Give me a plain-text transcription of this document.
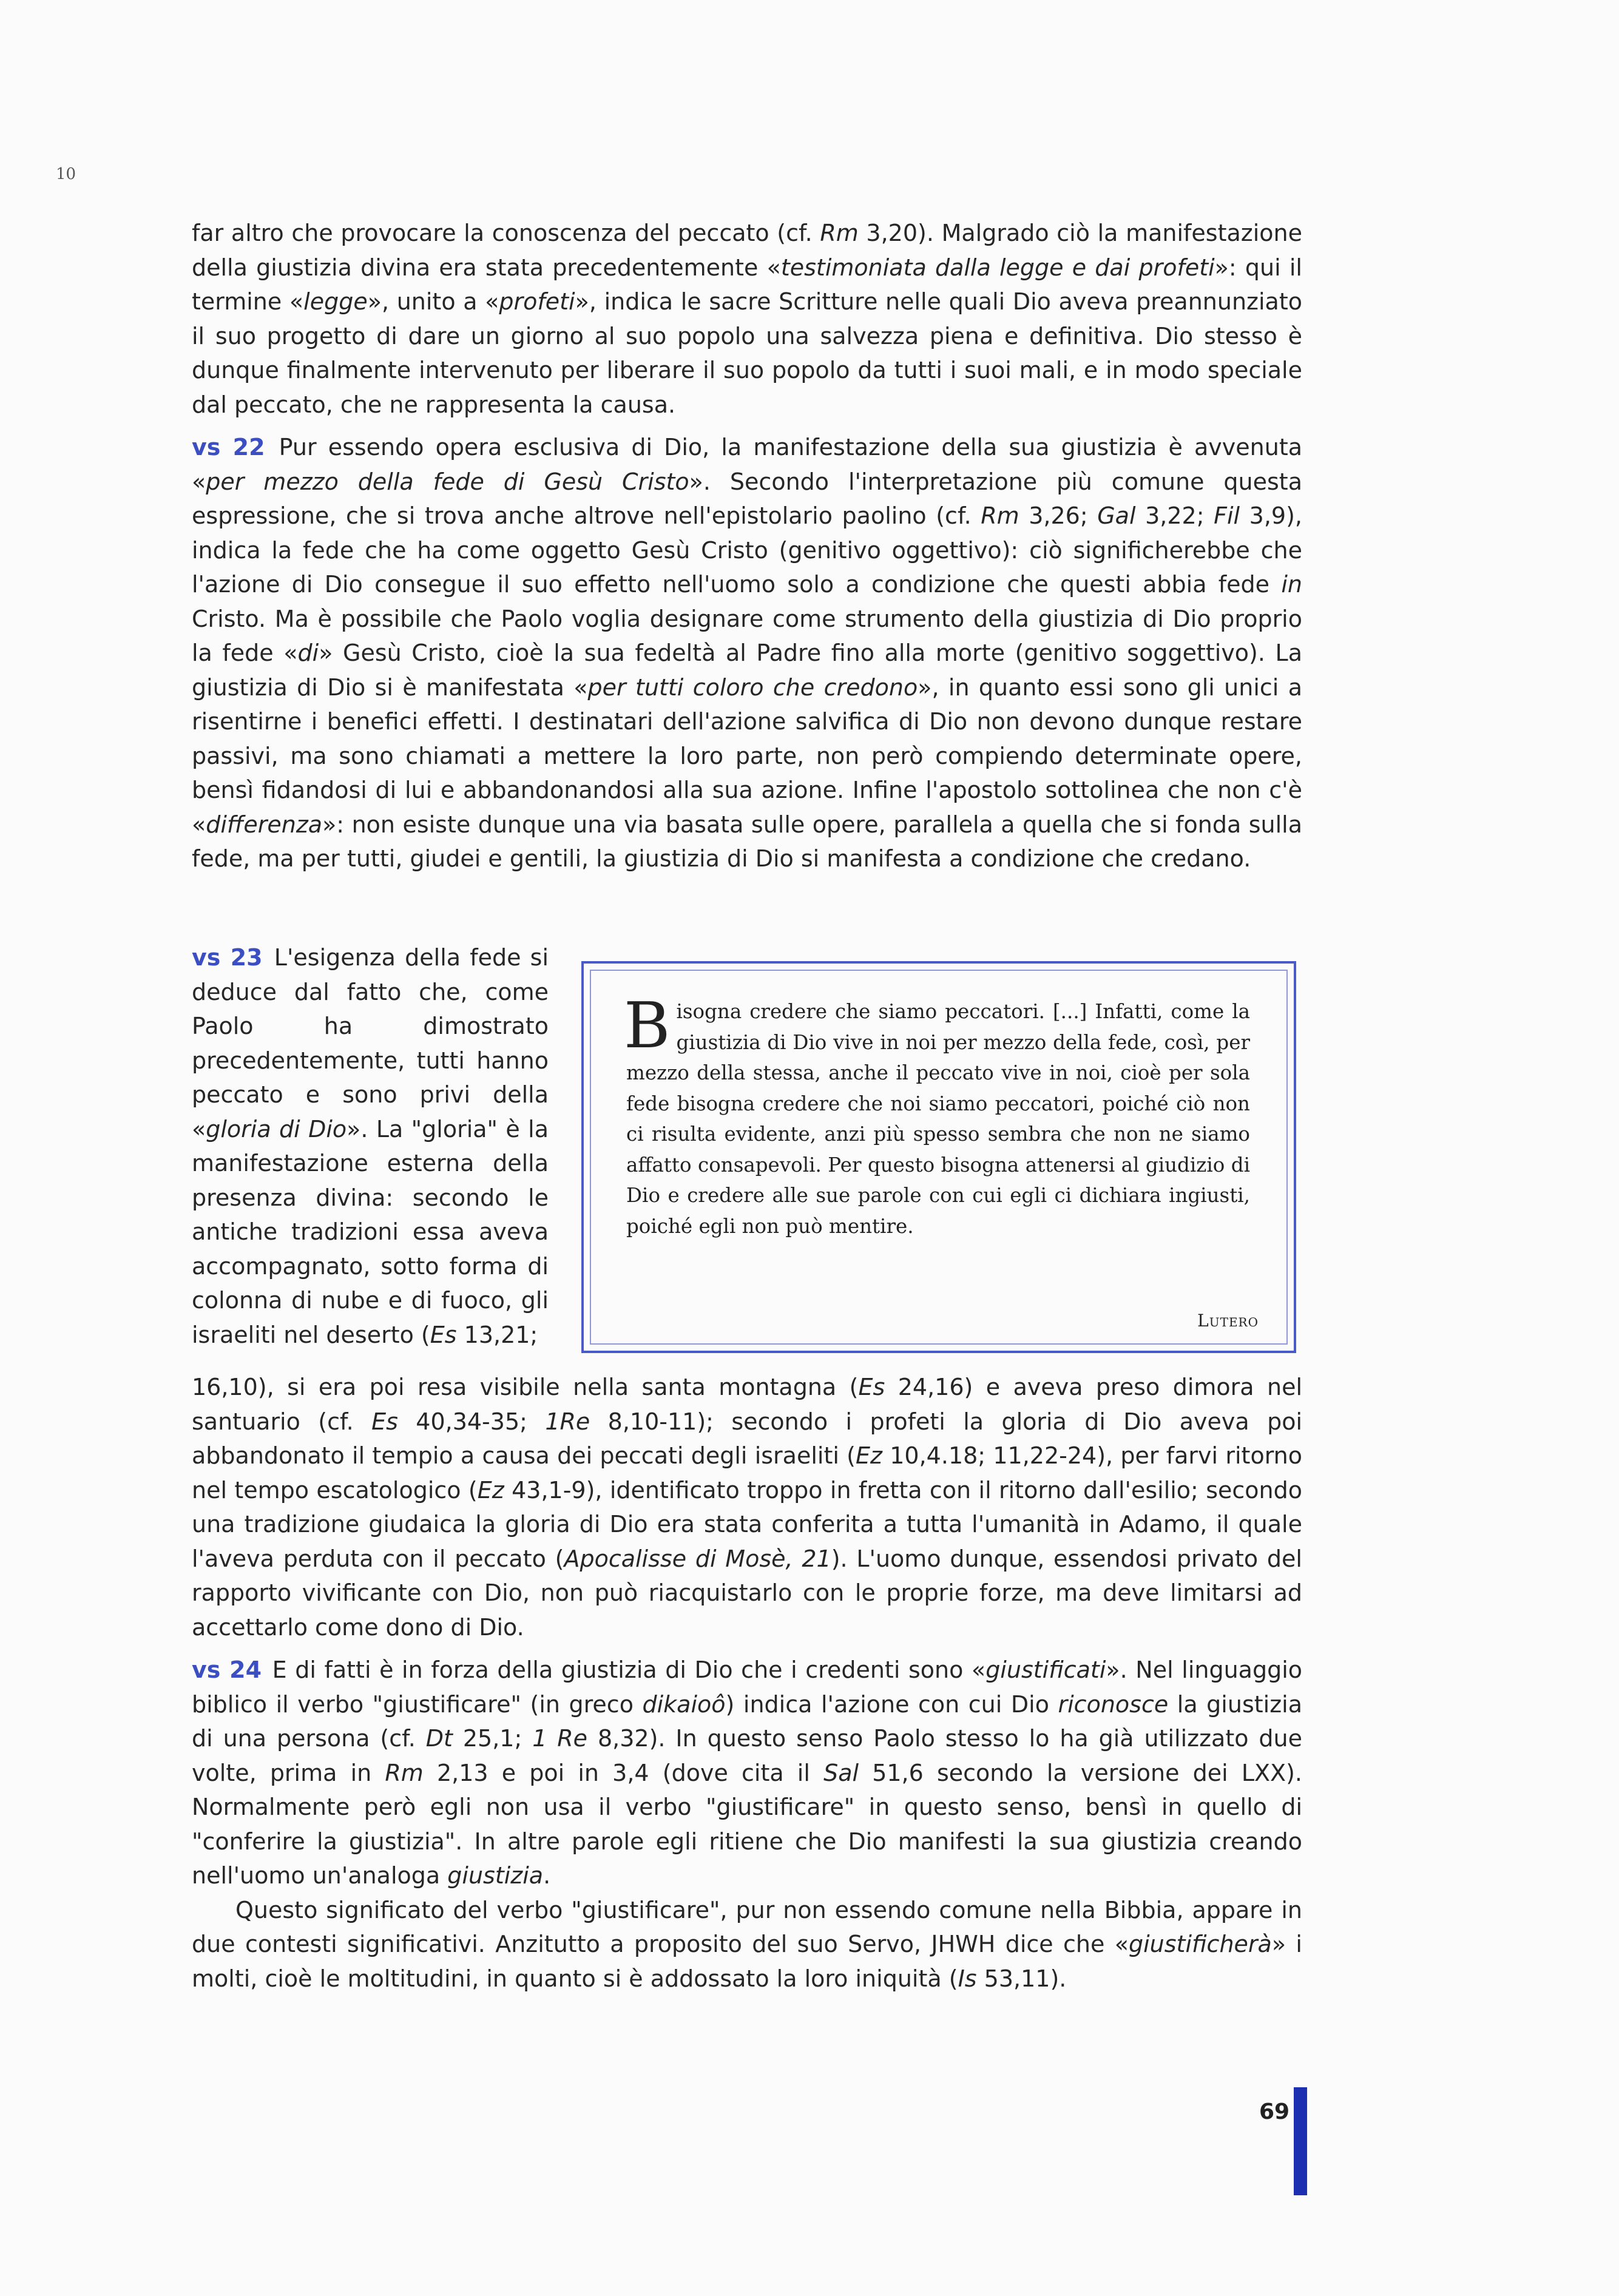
10

far altro che provocare la conoscenza del peccato (cf. Rm 3,20). Malgrado ciò la manifestazione della giustizia divina era stata precedentemente «testimoniata dalla legge e dai profeti»: qui il termine «legge», unito a «profeti», indica le sacre Scritture nelle quali Dio aveva preannunziato il suo progetto di dare un giorno al suo popolo una salvezza piena e definitiva. Dio stesso è dunque finalmente intervenuto per liberare il suo popolo da tutti i suoi mali, e in modo speciale dal peccato, che ne rappresenta la causa.

vs 22 Pur essendo opera esclusiva di Dio, la manifestazione della sua giustizia è avvenuta «per mezzo della fede di Gesù Cristo». Secondo l'interpretazione più comune questa espressione, che si trova anche altrove nell'epistolario paolino (cf. Rm 3,26; Gal 3,22; Fil 3,9), indica la fede che ha come oggetto Gesù Cristo (genitivo oggettivo): ciò significherebbe che l'azione di Dio consegue il suo effetto nell'uomo solo a condizione che questi abbia fede in Cristo. Ma è possibile che Paolo voglia designare come strumento della giustizia di Dio proprio la fede «di» Gesù Cristo, cioè la sua fedeltà al Padre fino alla morte (genitivo soggettivo). La giustizia di Dio si è manifestata «per tutti coloro che credono», in quanto essi sono gli unici a risentirne i benefici effetti. I destinatari dell'azione salvifica di Dio non devono dunque restare passivi, ma sono chiamati a mettere la loro parte, non però compiendo determinate opere, bensì fidandosi di lui e abbandonandosi alla sua azione. Infine l'apostolo sottolinea che non c'è «differenza»: non esiste dunque una via basata sulle opere, parallela a quella che si fonda sulla fede, ma per tutti, giudei e gentili, la giustizia di Dio si manifesta a condizione che credano.

vs 23 L'esigenza della fede si deduce dal fatto che, come Paolo ha dimostrato precedentemente, tutti hanno peccato e sono privi della «gloria di Dio». La "gloria" è la manifestazione esterna della presenza divina: secondo le antiche tradizioni essa aveva accompagnato, sotto forma di colonna di nube e di fuoco, gli israeliti nel deserto (Es 13,21;

Bisogna credere che siamo peccatori. [...] Infatti, come la giustizia di Dio vive in noi per mezzo della fede, così, per mezzo della stessa, anche il peccato vive in noi, cioè per sola fede bisogna credere che noi siamo peccatori, poiché ciò non ci risulta evidente, anzi più spesso sembra che non ne siamo affatto consapevoli. Per questo bisogna attenersi al giudizio di Dio e credere alle sue parole con cui egli ci dichiara ingiusti, poiché egli non può mentire.
Lutero

16,10), si era poi resa visibile nella santa montagna (Es 24,16) e aveva preso dimora nel santuario (cf. Es 40,34-35; 1Re 8,10-11); secondo i profeti la gloria di Dio aveva poi abbandonato il tempio a causa dei peccati degli israeliti (Ez 10,4.18; 11,22-24), per farvi ritorno nel tempo escatologico (Ez 43,1-9), identificato troppo in fretta con il ritorno dall'esilio; secondo una tradizione giudaica la gloria di Dio era stata conferita a tutta l'umanità in Adamo, il quale l'aveva perduta con il peccato (Apocalisse di Mosè, 21). L'uomo dunque, essendosi privato del rapporto vivificante con Dio, non può riacquistarlo con le proprie forze, ma deve limitarsi ad accettarlo come dono di Dio.

vs 24 E di fatti è in forza della giustizia di Dio che i credenti sono «giustificati». Nel linguaggio biblico il verbo "giustificare" (in greco dikaioô) indica l'azione con cui Dio riconosce la giustizia di una persona (cf. Dt 25,1; 1 Re 8,32). In questo senso Paolo stesso lo ha già utilizzato due volte, prima in Rm 2,13 e poi in 3,4 (dove cita il Sal 51,6 secondo la versione dei LXX). Normalmente però egli non usa il verbo "giustificare" in questo senso, bensì in quello di "conferire la giustizia". In altre parole egli ritiene che Dio manifesti la sua giustizia creando nell'uomo un'analoga giustizia.

Questo significato del verbo "giustificare", pur non essendo comune nella Bibbia, appare in due contesti significativi. Anzitutto a proposito del suo Servo, JHWH dice che «giustificherà» i molti, cioè le moltitudini, in quanto si è addossato la loro iniquità (Is 53,11).

69
